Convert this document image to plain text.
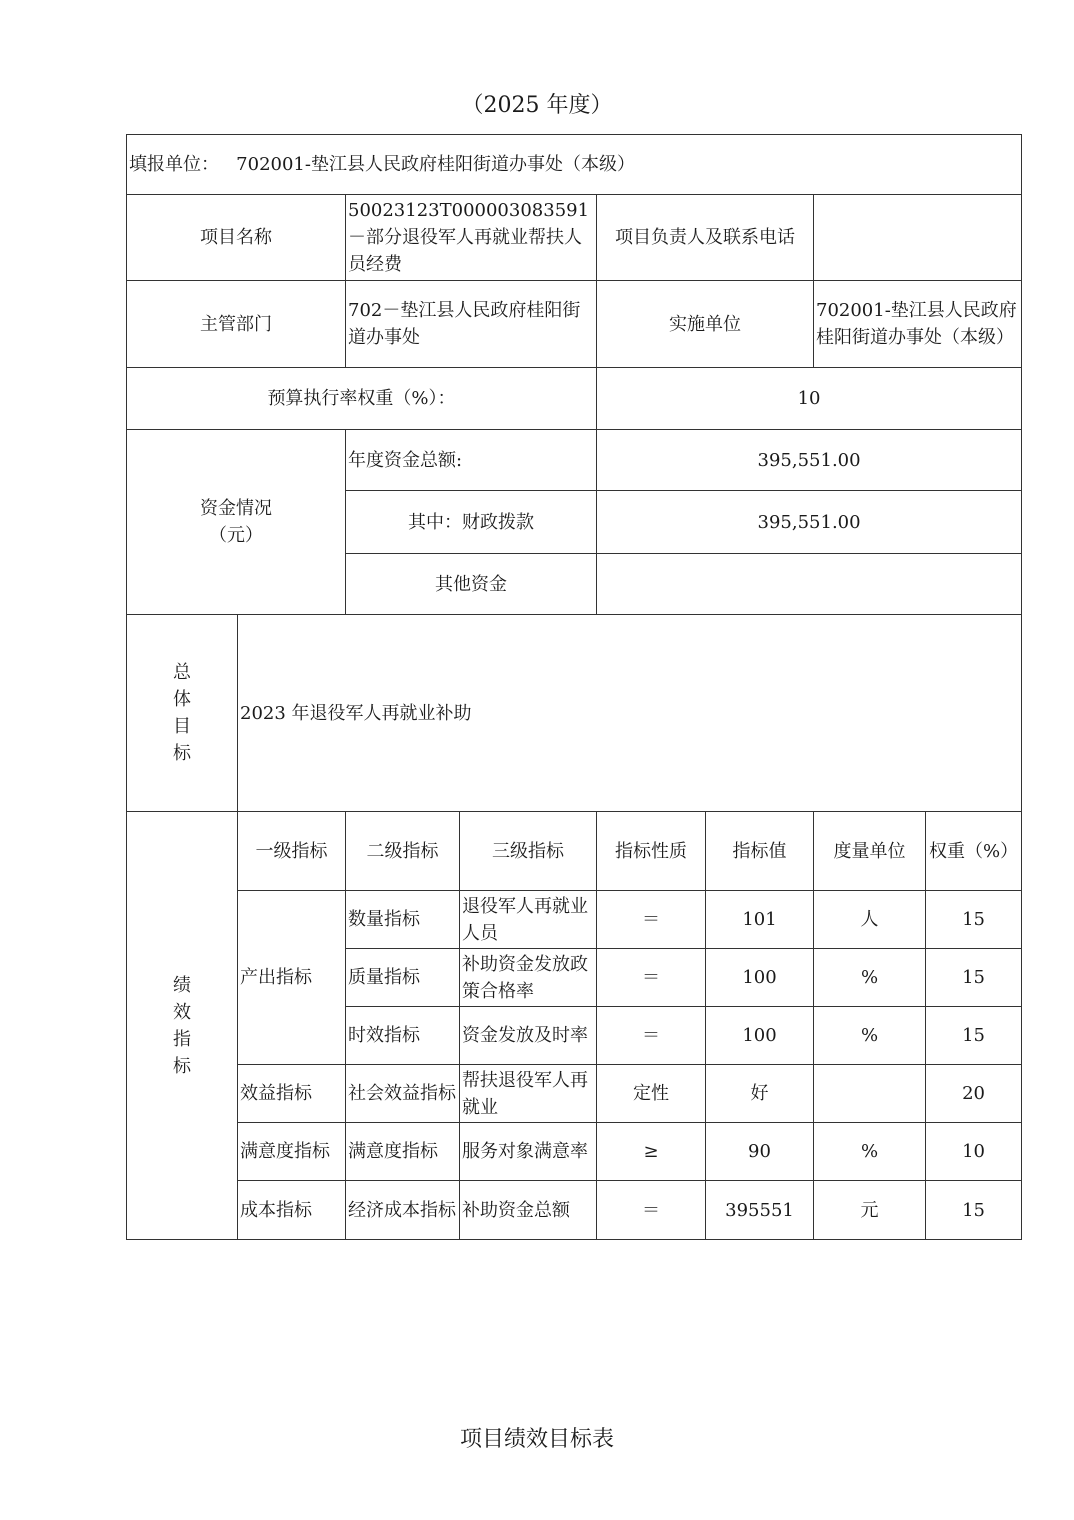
（2025 年度）
填报单位： 702001-垫江县人民政府桂阳街道办事处（本级）							
项目名称		50023123T000003083591－部分退役军人再就业帮扶人员经费		项目负责人及联系电话			
主管部门		702－垫江县人民政府桂阳街道办事处		实施单位		702001-垫江县人民政府桂阳街道办事处（本级）	
预算执行率权重（%）：				10			

资金情况
（元）		年度资金总额:		395,551.00			
		其中：财政拨款		395,551.00			
		其他资金					

总
体
目
标	2023 年退役军人再就业补助						

绩
效
指
标	一级指标	二级指标	三级指标	指标性质	指标值	度量单位	权重（%）
	产出指标	数量指标	退役军人再就业人员	＝	101	人	15
		质量指标	补助资金发放政策合格率	＝	100	%	15
		时效指标	资金发放及时率	＝	100	%	15
	效益指标	社会效益指标	帮扶退役军人再就业	定性	好		20
	满意度指标	满意度指标	服务对象满意率	≥	90	%	10
	成本指标	经济成本指标	补助资金总额	＝	395551	元	15
项目绩效目标表
